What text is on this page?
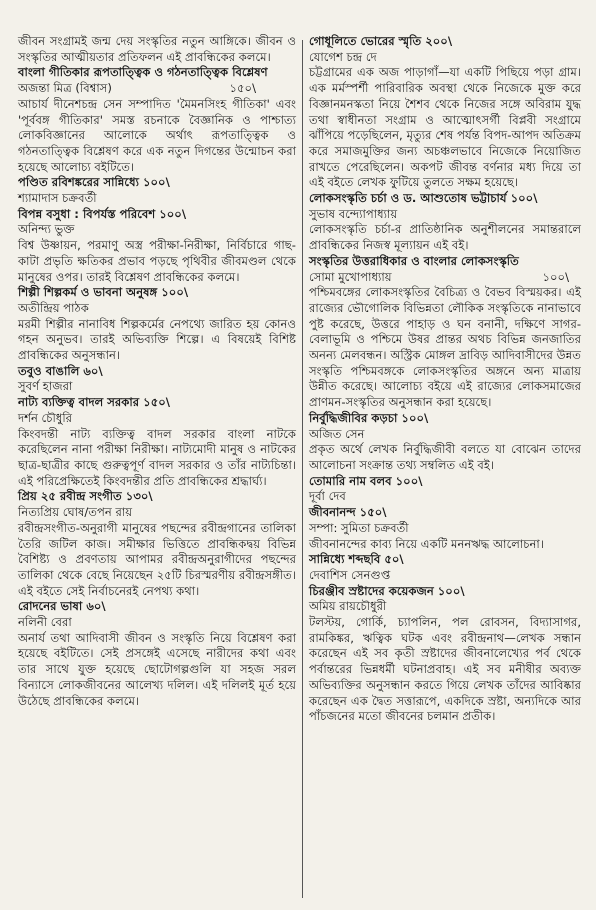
জীবন সংগ্রামই জন্ম দেয় সংস্কৃতির নতুন আঙ্গিকে। জীবন ও সংস্কৃতির আত্মীয়তার প্রতিফলন এই প্রাবন্ধিকের কলমে।
বাংলা গীতিকার রূপতাত্ত্বিক ও গঠনতাত্ত্বিক বিশ্লেষণ
অজন্তা মিত্র (বিশ্বাস)	১৫০\
আচার্য দীনেশচন্দ্র সেন সম্পাদিত 'মৈমনসিংহ গীতিকা' এবং 'পূর্ববঙ্গ গীতিকার' সমস্ত রচনাকে বৈজ্ঞানিক ও পাশ্চাত্য লোকবিজ্ঞানের আলোকে অর্থাৎ রূপতাত্ত্বিক ও গঠনতাত্ত্বিক বিশ্লেষণ করে এক নতুন দিগন্তের উন্মোচন করা হয়েছে আলোচ্য বইটিতে।
পণ্ডিত রবিশঙ্করের সান্নিধ্যে ১০০\
শ্যামাদাস চক্রবর্তী
বিপন্ন বসুধা : বিপর্যস্ত পরিবেশ ১০০\
অনিন্দ্য ভুক্ত
বিশ্ব উষ্ণায়ন, পরমাণু অস্ত্র পরীক্ষা-নিরীক্ষা, নির্বিচারে গাছ-কাটা প্রভৃতি ক্ষতিকর প্রভাব পড়ছে পৃথিবীর জীবমণ্ডল থেকে মানুষের ওপর। তারই বিশ্লেষণ প্রাবন্ধিকের কলমে।
শিল্পী শিল্পকর্ম ও ভাবনা অনুষঙ্গ ১০০\
অতীন্দ্রিয় পাঠক
মরমী শিল্পীর নানাবিধ শিল্পকর্মের নেপথ্যে জারিত হয় কোনও গহন অনুভব। তারই অভিব্যক্তি শিল্পে। এ বিষয়েই বিশিষ্ট প্রাবন্ধিকের অনুসন্ধান।
তবুও বাঙালি ৬০\
সুবর্ণ হাজরা
নাট্য ব্যক্তিত্ব বাদল সরকার ১৫০\
দর্শন চৌধুরি
কিংবদন্তী নাট্য ব্যক্তিত্ব বাদল সরকার বাংলা নাটকে করেছিলেন নানা পরীক্ষা নিরীক্ষা। নাট্যমোদী মানুষ ও নাটকের ছাত্র-ছাত্রীর কাছে গুরুত্বপূর্ণ বাদল সরকার ও তাঁর নাট্যচিন্তা। এই পরিপ্রেক্ষিতেই কিংবদন্তীর প্রতি প্রাবন্ধিকের শ্রদ্ধার্ঘ্য।
প্রিয় ২৫ রবীন্দ্র সংগীত ১৩০\
নিত্যপ্রিয় ঘোষ/তপন রায়
রবীন্দ্রসংগীত-অনুরাগী মানুষের পছন্দের রবীন্দ্রগানের তালিকা তৈরি জটিল কাজ। সমীক্ষার ভিত্তিতে প্রাবন্ধিকদ্বয় বিভিন্ন বৈশিষ্ট্য ও প্রবণতায় আপামর রবীন্দ্রঅনুরাগীদের পছন্দের তালিকা থেকে বেছে নিয়েছেন ২৫টি চিরস্মরণীয় রবীন্দ্রসঙ্গীত। এই বইতে সেই নির্বাচনেরই নেপথ্য কথা।
রোদনের ভাষা ৬০\
নলিনী বেরা
অনার্য তথা আদিবাসী জীবন ও সংস্কৃতি নিয়ে বিশ্লেষণ করা হয়েছে বইটিতে। সেই প্রসঙ্গেই এসেছে নারীদের কথা এবং তার সাথে যুক্ত হয়েছে ছোটোগল্পগুলি যা সহজ সরল বিন্যাসে লোকজীবনের আলেখ্য দলিল। এই দলিলই মূর্ত হয়ে উঠেছে প্রাবন্ধিকের কলমে।
গোধূলিতে ভোরের স্মৃতি ২০০\
যোগেশ চন্দ্র দে
চট্টগ্রামের এক অজ পাড়াগাঁ—যা একটি পিছিয়ে পড়া গ্রাম। এক মর্মস্পর্শী পারিবারিক অবস্থা থেকে নিজেকে মুক্ত করে বিজ্ঞানমনস্কতা নিয়ে শৈশব থেকে নিজের সঙ্গে অবিরাম যুদ্ধ তথা স্বাধীনতা সংগ্রাম ও আত্মোৎসর্গী বিপ্লবী সংগ্রামে ঝাঁপিয়ে পড়েছিলেন, মৃত্যুর শেষ পর্যন্ত বিপদ-আপদ অতিক্রম করে সমাজমুক্তির জন্য অচঞ্চলভাবে নিজেকে নিয়োজিত রাখতে পেরেছিলেন। অকপট জীবন্ত বর্ণনার মধ্য দিয়ে তা এই বইতে লেখক ফুটিয়ে তুলতে সক্ষম হয়েছে।
লোকসংস্কৃতি চর্চা ও ড. আশুতোষ ভট্টাচার্য ১০০\
সুভাষ বন্দ্যোপাধ্যায়
লোকসংস্কৃতি চর্চা-র প্রাতিষ্ঠানিক অনুশীলনের সমান্তরালে প্রাবন্ধিকের নিজস্ব মূল্যায়ন এই বই।
সংস্কৃতির উত্তরাধিকার ও বাংলার লোকসংস্কৃতি
সোমা মুখোপাধ্যায়	১০০\
পশ্চিমবঙ্গের লোকসংস্কৃতির বৈচিত্র্য ও বৈভব বিস্ময়কর। এই রাজ্যের ভৌগোলিক বিভিন্নতা লৌকিক সংস্কৃতিকে নানাভাবে পুষ্ট করেছে, উত্তরে পাহাড় ও ঘন বনানী, দক্ষিণে সাগর-বেলাভূমি ও পশ্চিমে উষর প্রান্তর অথচ বিভিন্ন জনজাতির অনন্য মেলবন্ধন। অস্ট্রিক মোঙ্গল দ্রাবিড় আদিবাসীদের উন্নত সংস্কৃতি পশ্চিমবঙ্গকে লোকসংস্কৃতির অঙ্গনে অন্য মাত্রায় উন্নীত করেছে। আলোচ্য বইয়ে এই রাজ্যের লোকসমাজের প্রাণমন-সংস্কৃতির অনুসন্ধান করা হয়েছে।
নির্বুদ্ধিজীবির কড়চা ১০০\
অজিত সেন
প্রকৃত অর্থে লেখক নির্বুদ্ধিজীবী বলতে যা বোঝেন তাদের আলোচনা সংক্রান্ত তথ্য সম্বলিত এই বই।
তোমারি নাম বলব ১০০\
দূর্বা দেব
জীবনানন্দ ১৫০\
সম্পা: সুমিতা চক্রবর্তী
জীবনানন্দের কাব্য নিয়ে একটি মননঋদ্ধ আলোচনা।
সান্নিধ্যে শব্দছবি ৫০\
দেবাশিস সেনগুপ্ত
চিরঞ্জীব স্রষ্টাদের কয়েকজন ১০০\
অমিয় রায়চৌধুরী
টলস্টয়, গোর্কি, চ্যাপলিন, পল রোবসন, বিদ্যাসাগর, রামকিঙ্কর, ঋত্বিক ঘটক এবং রবীন্দ্রনাথ—লেখক সন্ধান করেছেন এই সব কৃতী স্রষ্টাদের জীবনালেখ্যের পর্ব থেকে পর্বান্তরের ভিন্নধর্মী ঘটনাপ্রবাহ। এই সব মনীষীর অব্যক্ত অভিব্যক্তির অনুসন্ধান করতে গিয়ে লেখক তাঁদের আবিষ্কার করেছেন এক দ্বৈত সত্তারূপে, একদিকে স্রষ্টা, অন্যদিকে আর পাঁচজনের মতো জীবনের চলমান প্রতীক।
